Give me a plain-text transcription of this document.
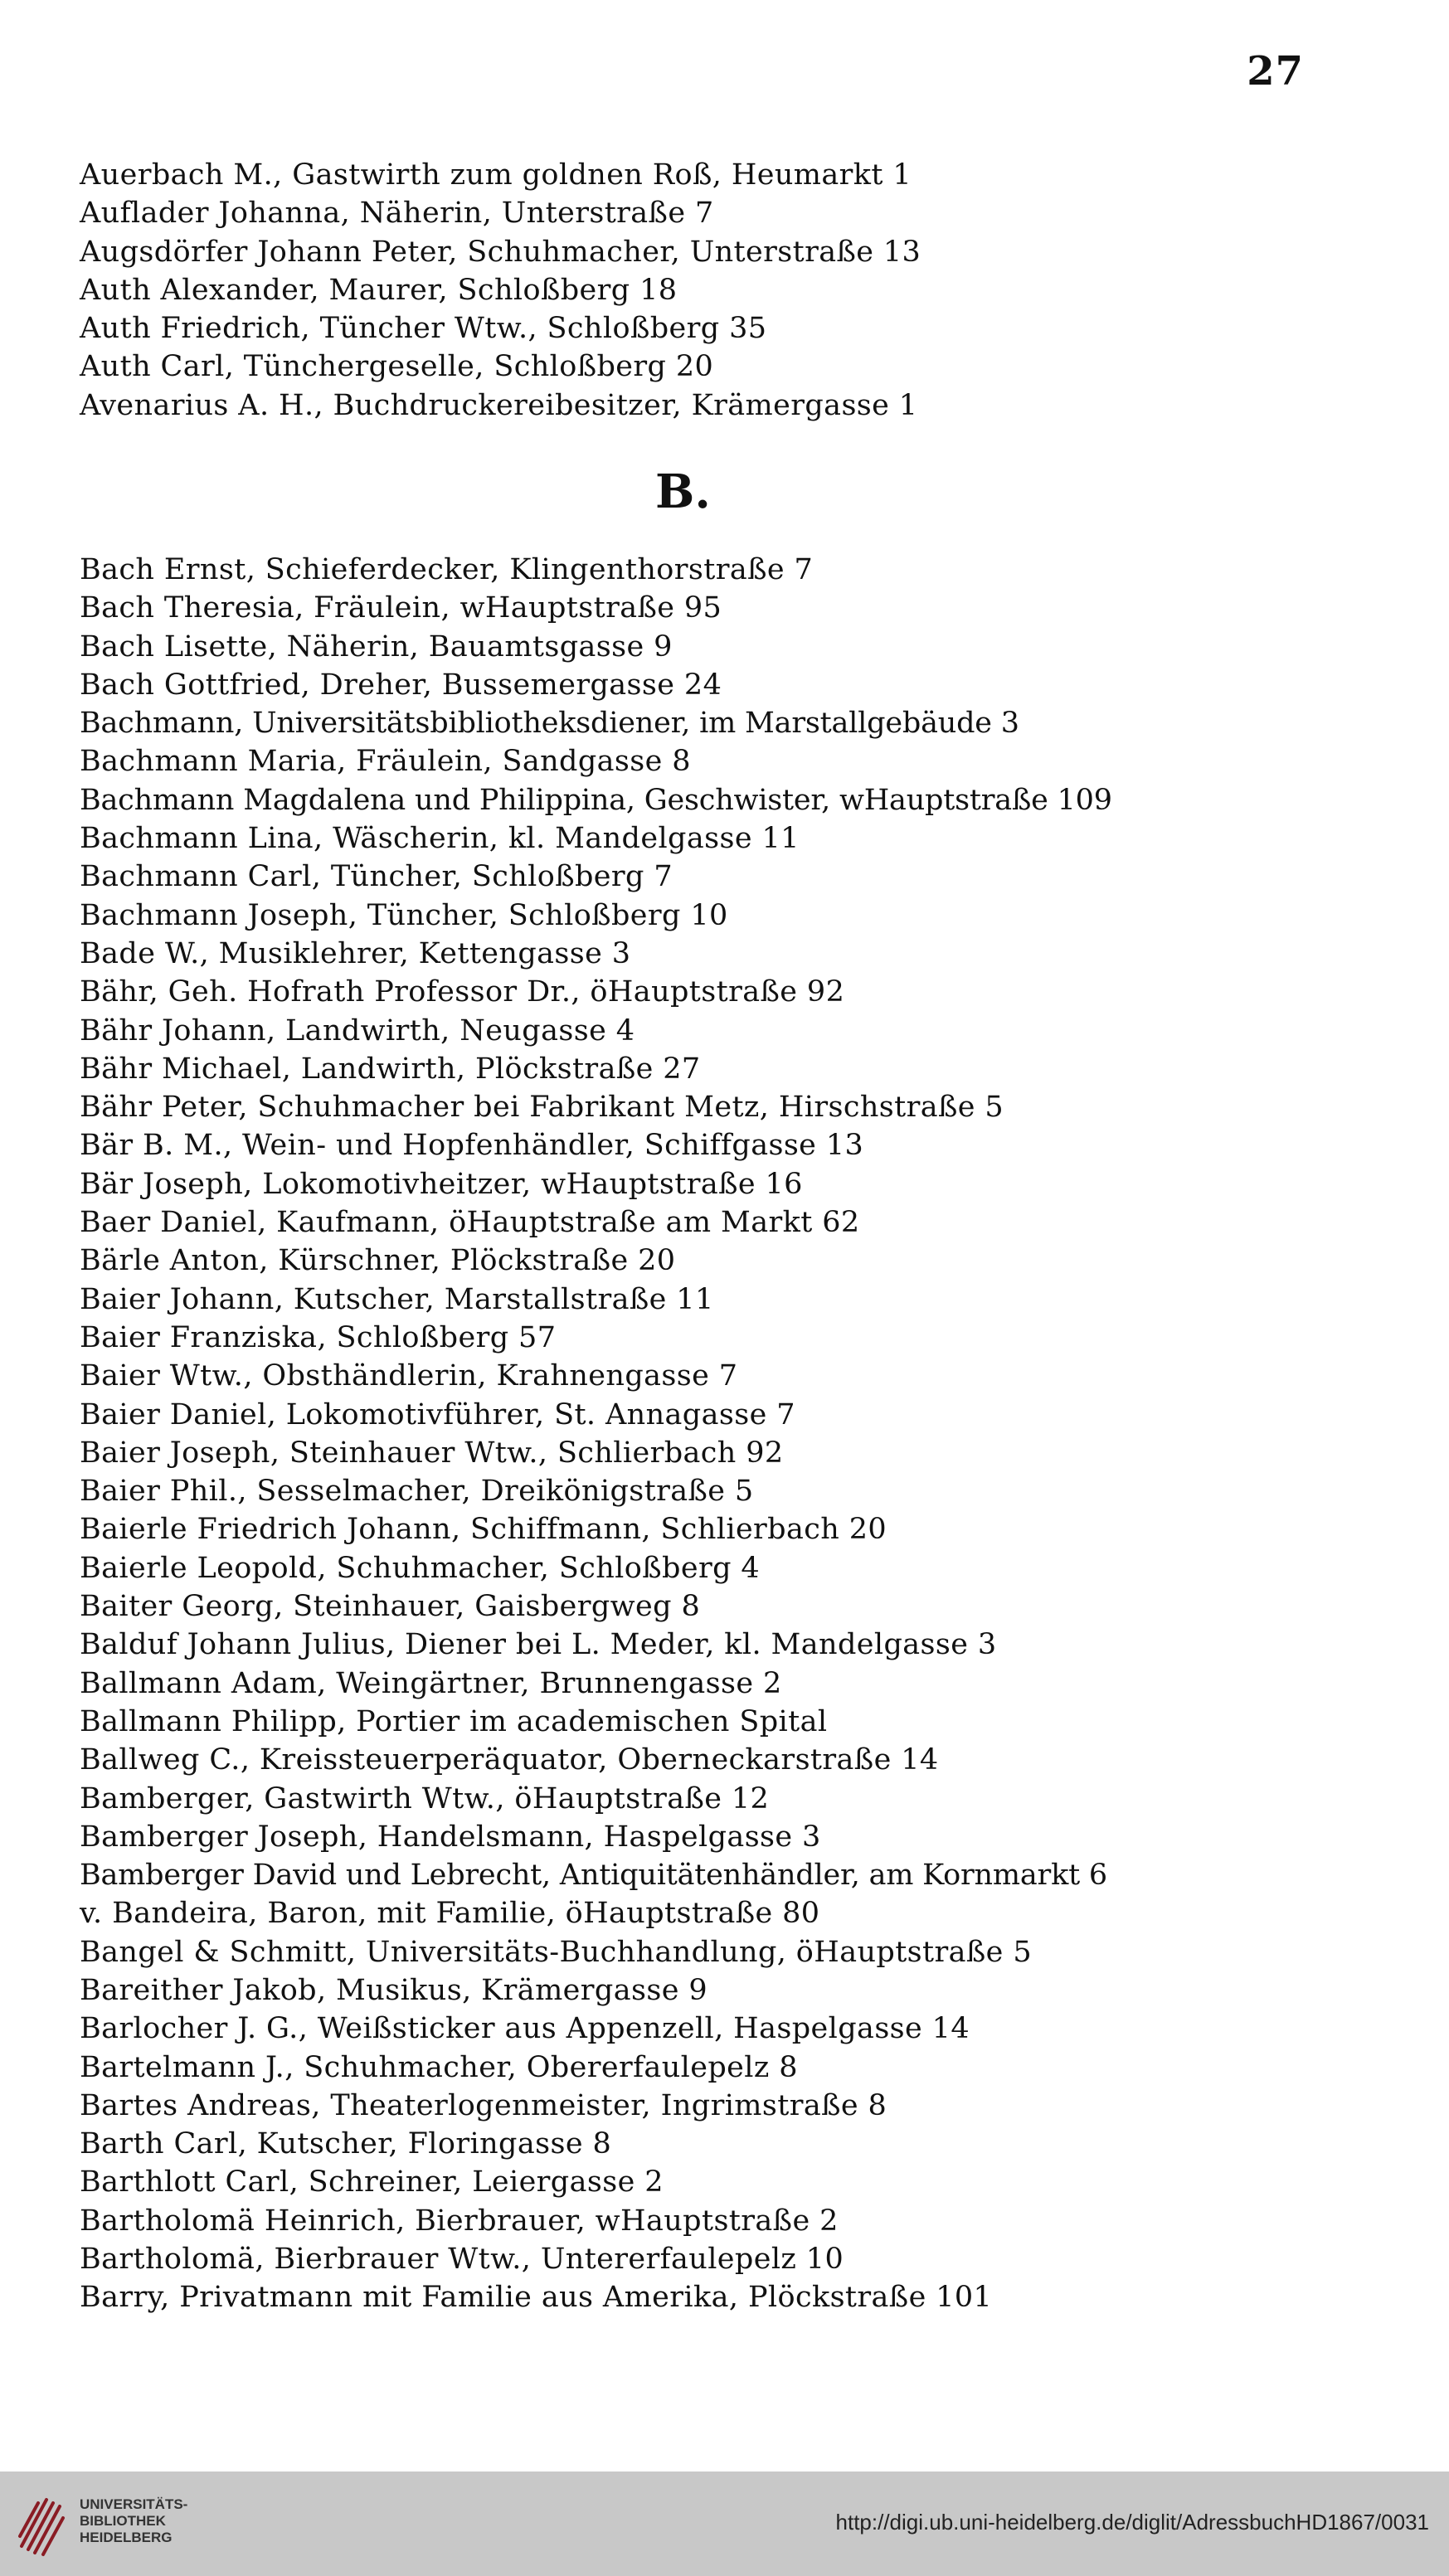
27
Auerbach M., Gastwirth zum goldnen Roß, Heumarkt 1
Auflader Johanna, Näherin, Unterstraße 7
Augsdörfer Johann Peter, Schuhmacher, Unterstraße 13
Auth Alexander, Maurer, Schloßberg 18
Auth Friedrich, Tüncher Wtw., Schloßberg 35
Auth Carl, Tünchergeselle, Schloßberg 20
Avenarius A. H., Buchdruckereibesitzer, Krämergasse 1
B.
Bach Ernst, Schieferdecker, Klingenthorstraße 7
Bach Theresia, Fräulein, wHauptstraße 95
Bach Lisette, Näherin, Bauamtsgasse 9
Bach Gottfried, Dreher, Bussemergasse 24
Bachmann, Universitätsbibliotheksdiener, im Marstallgebäude 3
Bachmann Maria, Fräulein, Sandgasse 8
Bachmann Magdalena und Philippina, Geschwister, wHauptstraße 109
Bachmann Lina, Wäscherin, kl. Mandelgasse 11
Bachmann Carl, Tüncher, Schloßberg 7
Bachmann Joseph, Tüncher, Schloßberg 10
Bade W., Musiklehrer, Kettengasse 3
Bähr, Geh. Hofrath Professor Dr., öHauptstraße 92
Bähr Johann, Landwirth, Neugasse 4
Bähr Michael, Landwirth, Plöckstraße 27
Bähr Peter, Schuhmacher bei Fabrikant Metz, Hirschstraße 5
Bär B. M., Wein- und Hopfenhändler, Schiffgasse 13
Bär Joseph, Lokomotivheitzer, wHauptstraße 16
Baer Daniel, Kaufmann, öHauptstraße am Markt 62
Bärle Anton, Kürschner, Plöckstraße 20
Baier Johann, Kutscher, Marstallstraße 11
Baier Franziska, Schloßberg 57
Baier Wtw., Obsthändlerin, Krahnengasse 7
Baier Daniel, Lokomotivführer, St. Annagasse 7
Baier Joseph, Steinhauer Wtw., Schlierbach 92
Baier Phil., Sesselmacher, Dreikönigstraße 5
Baierle Friedrich Johann, Schiffmann, Schlierbach 20
Baierle Leopold, Schuhmacher, Schloßberg 4
Baiter Georg, Steinhauer, Gaisbergweg 8
Balduf Johann Julius, Diener bei L. Meder, kl. Mandelgasse 3
Ballmann Adam, Weingärtner, Brunnengasse 2
Ballmann Philipp, Portier im academischen Spital
Ballweg C., Kreissteuerperäquator, Oberneckarstraße 14
Bamberger, Gastwirth Wtw., öHauptstraße 12
Bamberger Joseph, Handelsmann, Haspelgasse 3
Bamberger David und Lebrecht, Antiquitätenhändler, am Kornmarkt 6
v. Bandeira, Baron, mit Familie, öHauptstraße 80
Bangel & Schmitt, Universitäts-Buchhandlung, öHauptstraße 5
Bareither Jakob, Musikus, Krämergasse 9
Barlocher J. G., Weißsticker aus Appenzell, Haspelgasse 14
Bartelmann J., Schuhmacher, Obererfaulepelz 8
Bartes Andreas, Theaterlogenmeister, Ingrimstraße 8
Barth Carl, Kutscher, Floringasse 8
Barthlott Carl, Schreiner, Leiergasse 2
Bartholomä Heinrich, Bierbrauer, wHauptstraße 2
Bartholomä, Bierbrauer Wtw., Untererfaulepelz 10
Barry, Privatmann mit Familie aus Amerika, Plöckstraße 101
UNIVERSITÄTS-
BIBLIOTHEK
HEIDELBERG
http://digi.ub.uni-heidelberg.de/diglit/AdressbuchHD1867/0031
